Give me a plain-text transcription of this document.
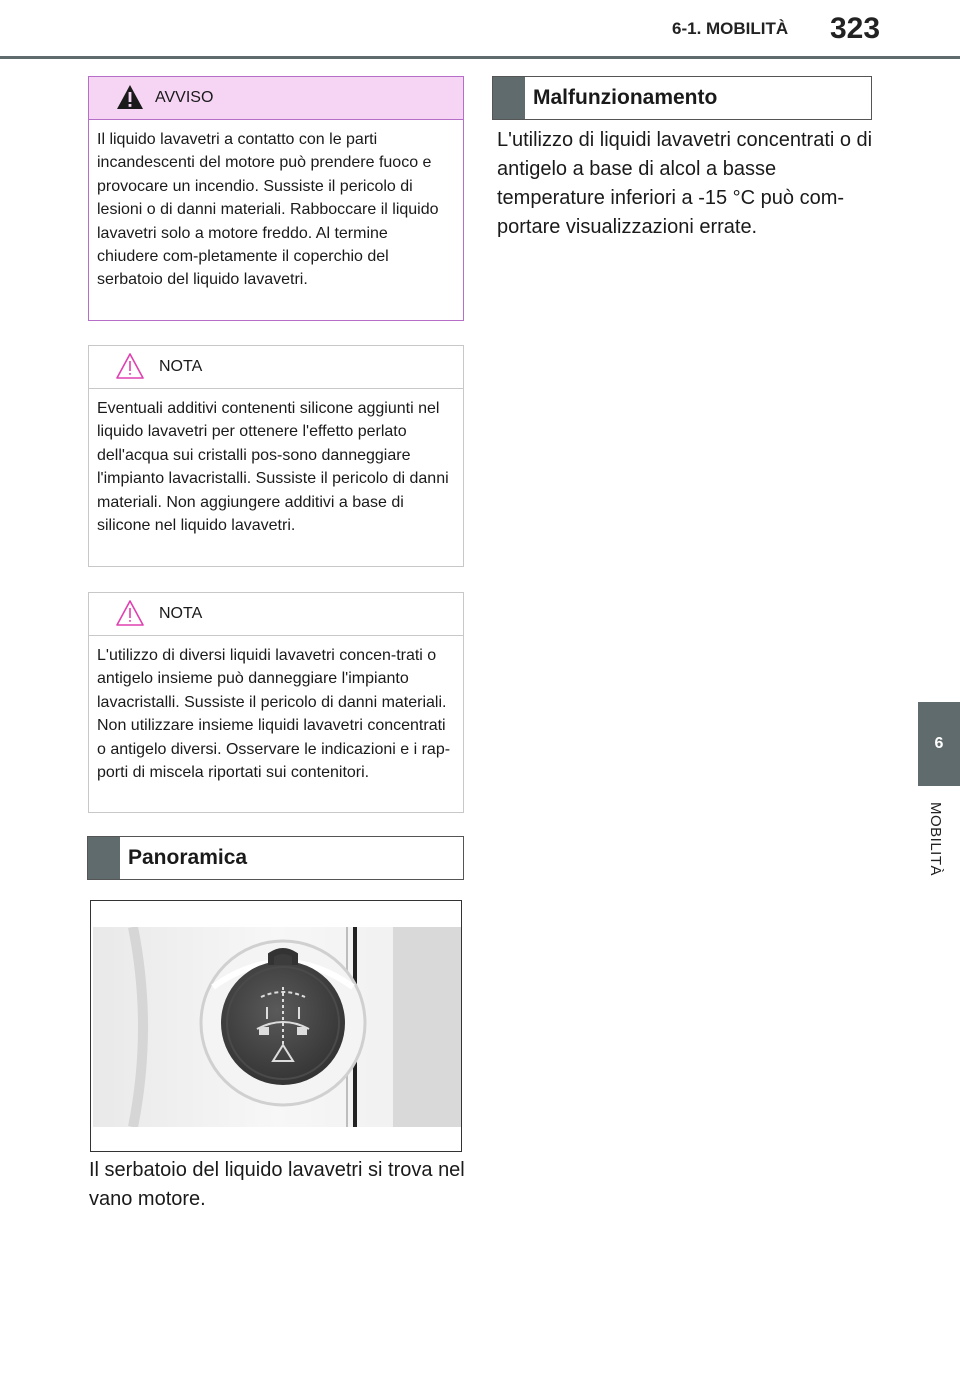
6-1. MOBILITÀ 323
6
MOBILITÀ
AVVISO
Il liquido lavavetri a contatto con le parti incandescenti del motore può prendere fuoco e provocare un incendio. Sussiste il pericolo di lesioni o di danni materiali. Rabboccare il liquido lavavetri solo a motore freddo. Al termine chiudere com-pletamente il coperchio del serbatoio del liquido lavavetri.
NOTA
Eventuali additivi contenenti silicone aggiunti nel liquido lavavetri per ottenere l'effetto perlato dell'acqua sui cristalli pos-sono danneggiare l'impianto lavacristalli. Sussiste il pericolo di danni materiali. Non aggiungere additivi a base di silicone nel liquido lavavetri.
NOTA
L'utilizzo di diversi liquidi lavavetri concen-trati o antigelo insieme può danneggiare l'impianto lavacristalli. Sussiste il pericolo di danni materiali. Non utilizzare insieme liquidi lavavetri concentrati o antigelo diversi. Osservare le indicazioni e i rap-porti di miscela riportati sui contenitori.
Panoramica
Il serbatoio del liquido lavavetri si trova nel vano motore.
Malfunzionamento
L'utilizzo di liquidi lavavetri concentrati o di antigelo a base di alcol a basse temperature inferiori a -15 °C può com-portare visualizzazioni errate.
